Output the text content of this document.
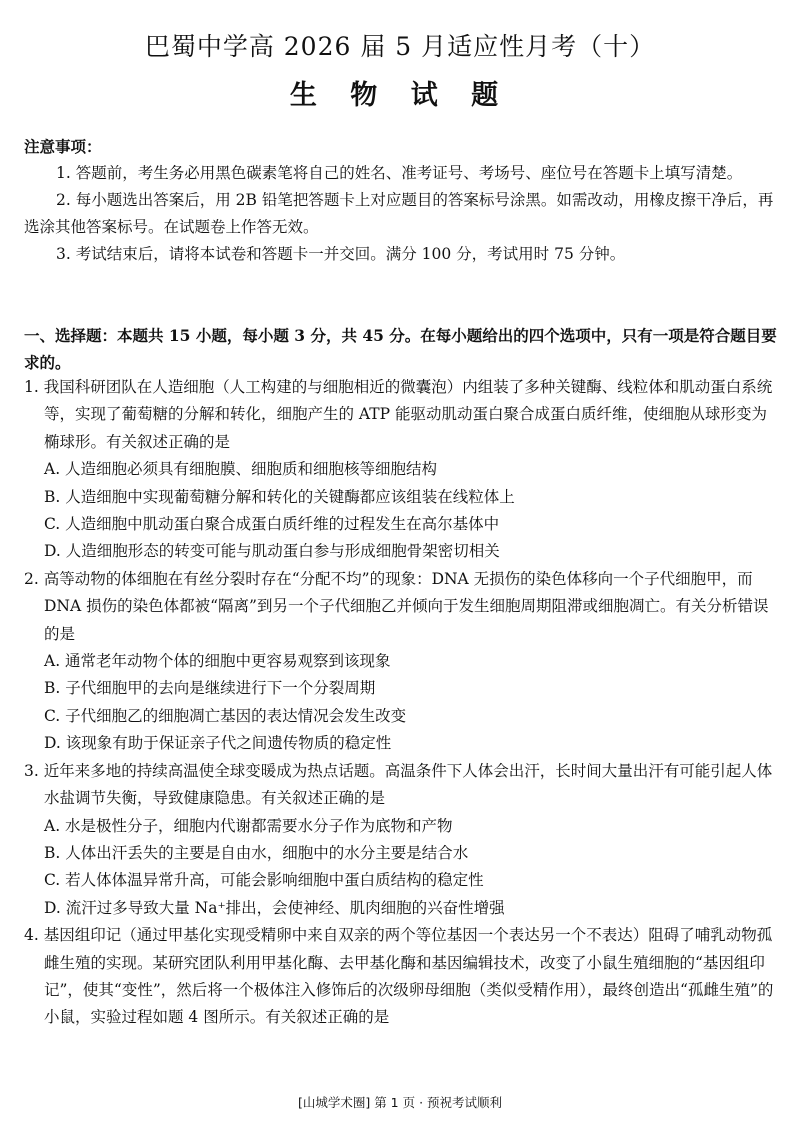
巴蜀中学高 2026 届 5 月适应性月考（十）
生 物 试 题
注意事项：

1. 答题前，考生务必用黑色碳素笔将自己的姓名、准考证号、考场号、座位号在答题卡上填写清楚。

2. 每小题选出答案后，用 2B 铅笔把答题卡上对应题目的答案标号涂黑。如需改动，用橡皮擦干净后，再选涂其他答案标号。在试题卷上作答无效。

3. 考试结束后，请将本试卷和答题卡一并交回。满分 100 分，考试用时 75 分钟。

一、选择题：本题共 15 小题，每小题 3 分，共 45 分。在每小题给出的四个选项中，只有一项是符合题目要求的。

1. 我国科研团队在人造细胞（人工构建的与细胞相近的微囊泡）内组装了多种关键酶、线粒体和肌动蛋白系统等，实现了葡萄糖的分解和转化，细胞产生的 ATP 能驱动肌动蛋白聚合成蛋白质纤维，使细胞从球形变为椭球形。有关叙述正确的是

A. 人造细胞必须具有细胞膜、细胞质和细胞核等细胞结构

B. 人造细胞中实现葡萄糖分解和转化的关键酶都应该组装在线粒体上

C. 人造细胞中肌动蛋白聚合成蛋白质纤维的过程发生在高尔基体中

D. 人造细胞形态的转变可能与肌动蛋白参与形成细胞骨架密切相关

2. 高等动物的体细胞在有丝分裂时存在“分配不均”的现象：DNA 无损伤的染色体移向一个子代细胞甲，而 DNA 损伤的染色体都被“隔离”到另一个子代细胞乙并倾向于发生细胞周期阻滞或细胞凋亡。有关分析错误的是

A. 通常老年动物个体的细胞中更容易观察到该现象

B. 子代细胞甲的去向是继续进行下一个分裂周期

C. 子代细胞乙的细胞凋亡基因的表达情况会发生改变

D. 该现象有助于保证亲子代之间遗传物质的稳定性

3. 近年来多地的持续高温使全球变暖成为热点话题。高温条件下人体会出汗，长时间大量出汗有可能引起人体水盐调节失衡，导致健康隐患。有关叙述正确的是

A. 水是极性分子，细胞内代谢都需要水分子作为底物和产物

B. 人体出汗丢失的主要是自由水，细胞中的水分主要是结合水

C. 若人体体温异常升高，可能会影响细胞中蛋白质结构的稳定性

D. 流汗过多导致大量 Na⁺排出，会使神经、肌肉细胞的兴奋性增强

4. 基因组印记（通过甲基化实现受精卵中来自双亲的两个等位基因一个表达另一个不表达）阻碍了哺乳动物孤雌生殖的实现。某研究团队利用甲基化酶、去甲基化酶和基因编辑技术，改变了小鼠生殖细胞的“基因组印记”，使其“变性”，然后将一个极体注入修饰后的次级卵母细胞（类似受精作用），最终创造出“孤雌生殖”的小鼠，实验过程如题 4 图所示。有关叙述正确的是

[山城学术圈] 第 1 页 · 预祝考试顺利
